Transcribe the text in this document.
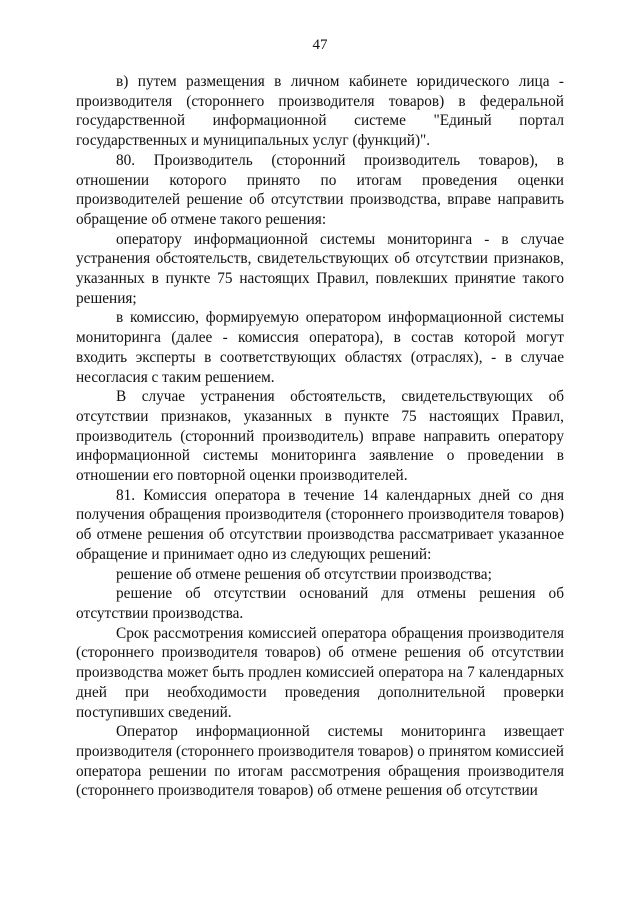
47

в) путем размещения в личном кабинете юридического лица - производителя (стороннего производителя товаров) в федеральной государственной информационной системе "Единый портал государственных и муниципальных услуг (функций)".

80. Производитель (сторонний производитель товаров), в отношении которого принято по итогам проведения оценки производителей решение об отсутствии производства, вправе направить обращение об отмене такого решения:

оператору информационной системы мониторинга - в случае устранения обстоятельств, свидетельствующих об отсутствии признаков, указанных в пункте 75 настоящих Правил, повлекших принятие такого решения;

в комиссию, формируемую оператором информационной системы мониторинга (далее - комиссия оператора), в состав которой могут входить эксперты в соответствующих областях (отраслях), - в случае несогласия с таким решением.

В случае устранения обстоятельств, свидетельствующих об отсутствии признаков, указанных в пункте 75 настоящих Правил, производитель (сторонний производитель) вправе направить оператору информационной системы мониторинга заявление о проведении в отношении его повторной оценки производителей.

81. Комиссия оператора в течение 14 календарных дней со дня получения обращения производителя (стороннего производителя товаров) об отмене решения об отсутствии производства рассматривает указанное обращение и принимает одно из следующих решений:

решение об отмене решения об отсутствии производства;

решение об отсутствии оснований для отмены решения об отсутствии производства.

Срок рассмотрения комиссией оператора обращения производителя (стороннего производителя товаров) об отмене решения об отсутствии производства может быть продлен комиссией оператора на 7 календарных дней при необходимости проведения дополнительной проверки поступивших сведений.

Оператор информационной системы мониторинга извещает производителя (стороннего производителя товаров) о принятом комиссией оператора решении по итогам рассмотрения обращения производителя (стороннего производителя товаров) об отмене решения об отсутствии
